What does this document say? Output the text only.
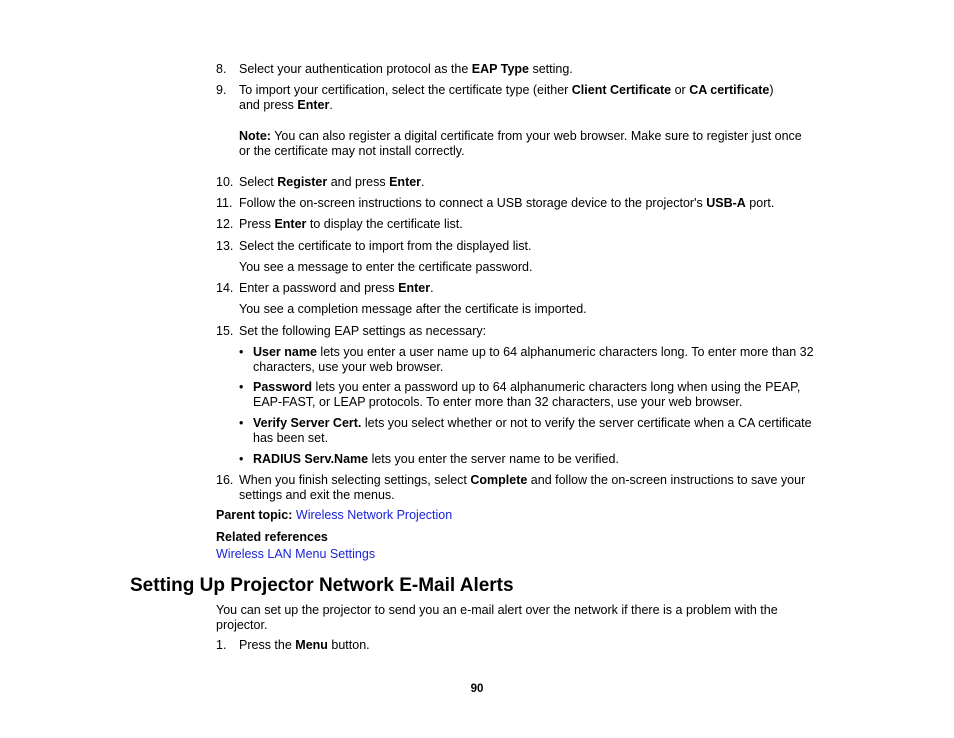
8.	Select your authentication protocol as the EAP Type setting.
9.	To import your certification, select the certificate type (either Client Certificate or CA certificate)
and press Enter.
Note: You can also register a digital certificate from your web browser. Make sure to register just once or the certificate may not install correctly.
10. Select Register and press Enter.
11. Follow the on-screen instructions to connect a USB storage device to the projector's USB-A port.
12. Press Enter to display the certificate list.
13. Select the certificate to import from the displayed list.
You see a message to enter the certificate password.
14. Enter a password and press Enter.
You see a completion message after the certificate is imported.
15. Set the following EAP settings as necessary:
• User name lets you enter a user name up to 64 alphanumeric characters long. To enter more than 32 characters, use your web browser.
• Password lets you enter a password up to 64 alphanumeric characters long when using the PEAP, EAP-FAST, or LEAP protocols. To enter more than 32 characters, use your web browser.
• Verify Server Cert. lets you select whether or not to verify the server certificate when a CA certificate has been set.
• RADIUS Serv.Name lets you enter the server name to be verified.
16. When you finish selecting settings, select Complete and follow the on-screen instructions to save your settings and exit the menus.
Parent topic: Wireless Network Projection
Related references
Wireless LAN Menu Settings
Setting Up Projector Network E-Mail Alerts
You can set up the projector to send you an e-mail alert over the network if there is a problem with the projector.
1.	Press the Menu button.
90
